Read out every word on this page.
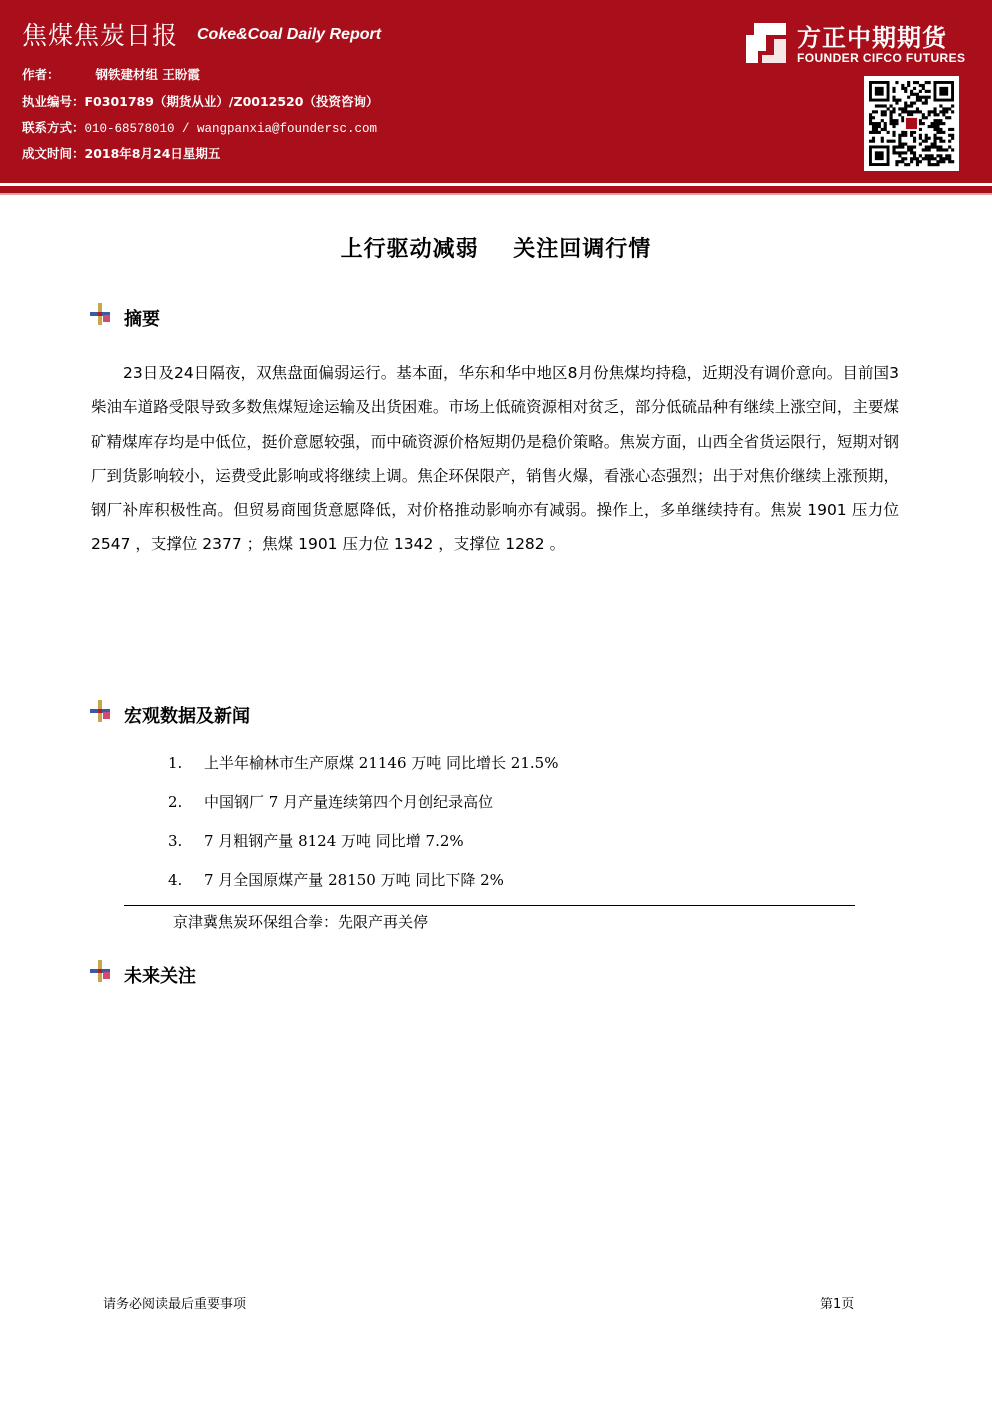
焦煤焦炭日报 Coke&Coal Daily Report	方正中期期货
FOUNDER CIFCO FUTURES
作者：	钢铁建材组 王盼霞
执业编号：F0301789（期货从业）/Z0012520（投资咨询）
联系方式：010-68578010 / wangpanxia@foundersc.com
成文时间：2018年8月24日星期五
上行驱动减弱    关注回调行情
摘要
23日及24日隔夜，双焦盘面偏弱运行。基本面，华东和华中地区8月份焦煤均持稳，近期没有调价意向。目前国3柴油车道路受限导致多数焦煤短途运输及出货困难。市场上低硫资源相对贫乏，部分低硫品种有继续上涨空间，主要煤矿精煤库存均是中低位，挺价意愿较强，而中硫资源价格短期仍是稳价策略。焦炭方面，山西全省货运限行，短期对钢厂到货影响较小，运费受此影响或将继续上调。焦企环保限产，销售火爆，看涨心态强烈；出于对焦价继续上涨预期，钢厂补库积极性高。但贸易商囤货意愿降低，对价格推动影响亦有减弱。操作上，多单继续持有。焦炭 1901 压力位 2547 ，支撑位 2377 ；焦煤 1901 压力位 1342 ，支撑位 1282 。
宏观数据及新闻
1. 上半年榆林市生产原煤 21146 万吨 同比增长 21.5%
2. 中国钢厂 7 月产量连续第四个月创纪录高位
3. 7 月粗钢产量 8124 万吨 同比增 7.2%
4. 7 月全国原煤产量 28150 万吨 同比下降 2%
京津冀焦炭环保组合拳：先限产再关停
未来关注
请务必阅读最后重要事项	第1页
